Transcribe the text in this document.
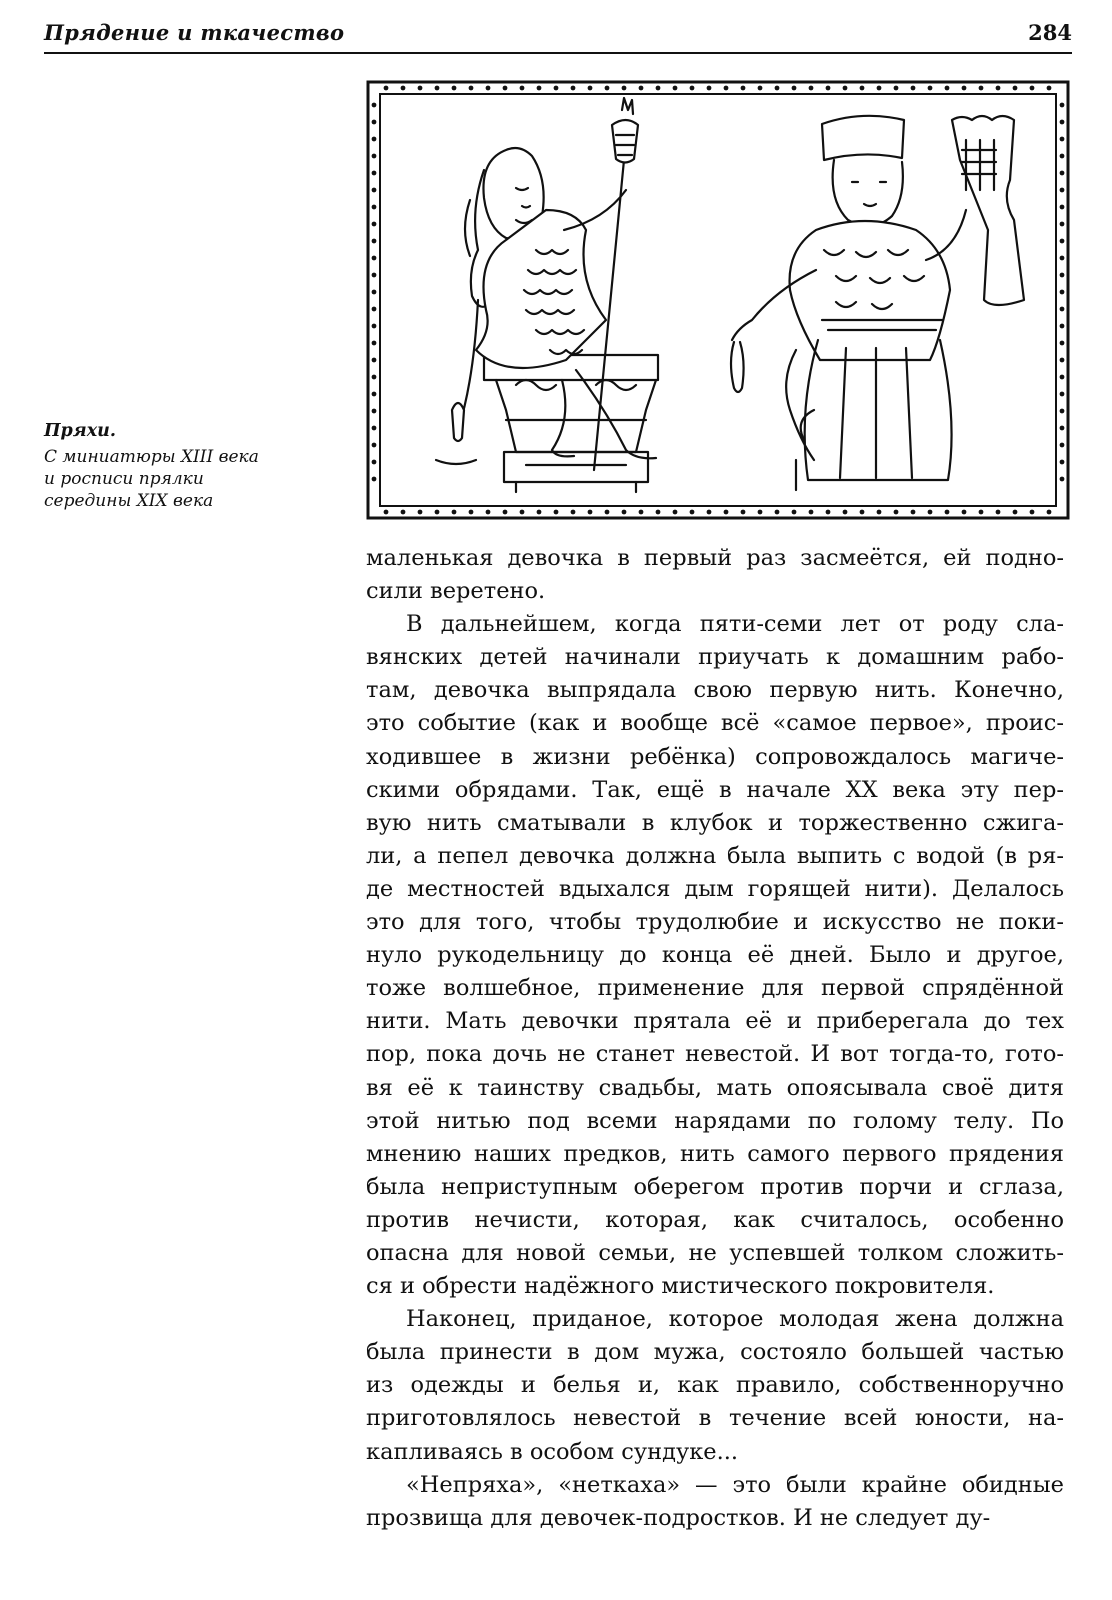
Прядение и ткачество	284
Пряхи.
С миниатюры XIII века
и росписи прялки
середины XIX века

маленькая девочка в первый раз засмеётся, ей подно-
сили веретено.

В дальнейшем, когда пяти-семи лет от роду сла-
вянских детей начинали приучать к домашним рабо-
там, девочка выпрядала свою первую нить. Конечно,
это событие (как и вообще всё «самое первое», проис-
ходившее в жизни ребёнка) сопровождалось магиче-
скими обрядами. Так, ещё в начале XX века эту пер-
вую нить сматывали в клубок и торжественно сжига-
ли, а пепел девочка должна была выпить с водой (в ря-
де местностей вдыхался дым горящей нити). Делалось
это для того, чтобы трудолюбие и искусство не поки-
нуло рукодельницу до конца её дней. Было и другое,
тоже волшебное, применение для первой спрядённой
нити. Мать девочки прятала её и приберегала до тех
пор, пока дочь не станет невестой. И вот тогда-то, гото-
вя её к таинству свадьбы, мать опоясывала своё дитя
этой нитью под всеми нарядами по голому телу. По
мнению наших предков, нить самого первого прядения
была неприступным оберегом против порчи и сглаза,
против нечисти, которая, как считалось, особенно
опасна для новой семьи, не успевшей толком сложить-
ся и обрести надёжного мистического покровителя.

Наконец, приданое, которое молодая жена должна
была принести в дом мужа, состояло большей частью
из одежды и белья и, как правило, собственноручно
приготовлялось невестой в течение всей юности, на-
капливаясь в особом сундуке...

«Непряха», «неткаха» — это были крайне обидные
прозвища для девочек-подростков. И не следует ду-
